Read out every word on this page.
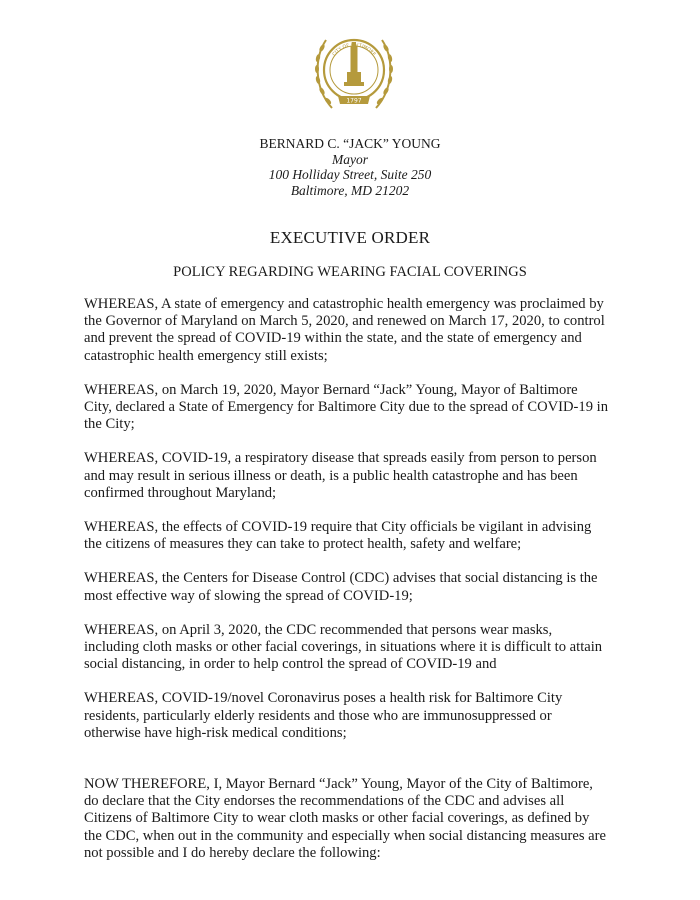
1797
CITY OF BALTIMORE
BERNARD C. “JACK” YOUNG
Mayor
100 Holliday Street, Suite 250
Baltimore, MD 21202
EXECUTIVE ORDER
POLICY REGARDING WEARING FACIAL COVERINGS

WHEREAS, A state of emergency and catastrophic health emergency was proclaimed by
the Governor of Maryland on March 5, 2020, and renewed on March 17, 2020, to control
and prevent the spread of COVID-19 within the state, and the state of emergency and
catastrophic health emergency still exists;

WHEREAS, on March 19, 2020, Mayor Bernard “Jack” Young, Mayor of Baltimore
City, declared a State of Emergency for Baltimore City due to the spread of COVID-19 in
the City;

WHEREAS, COVID-19, a respiratory disease that spreads easily from person to person
and may result in serious illness or death, is a public health catastrophe and has been
confirmed throughout Maryland;

WHEREAS, the effects of COVID-19 require that City officials be vigilant in advising
the citizens of measures they can take to protect health, safety and welfare;

WHEREAS, the Centers for Disease Control (CDC) advises that social distancing is the
most effective way of slowing the spread of COVID-19;

WHEREAS, on April 3, 2020, the CDC recommended that persons wear masks,
including cloth masks or other facial coverings, in situations where it is difficult to attain
social distancing, in order to help control the spread of COVID-19 and

WHEREAS, COVID-19/novel Coronavirus poses a health risk for Baltimore City
residents, particularly elderly residents and those who are immunosuppressed or
otherwise have high-risk medical conditions;

NOW THEREFORE, I, Mayor Bernard “Jack” Young, Mayor of the City of Baltimore,
do declare that the City endorses the recommendations of the CDC and advises all
Citizens of Baltimore City to wear cloth masks or other facial coverings, as defined by
the CDC, when out in the community and especially when social distancing measures are
not possible and I do hereby declare the following:
